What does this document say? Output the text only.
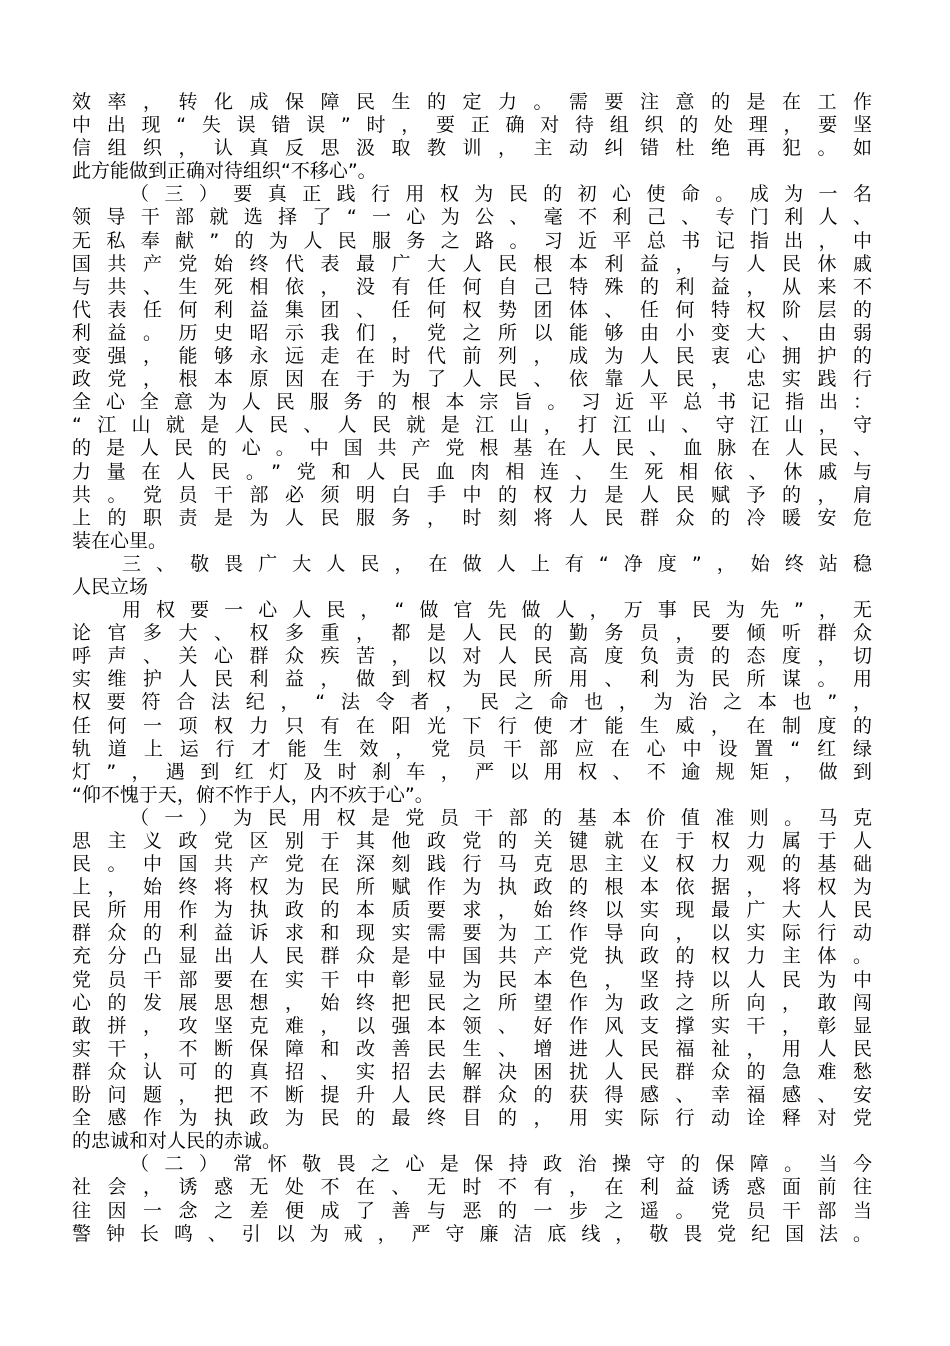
效率，转化成保障民生的定力。需要注意的是在工作
中出现“失误错误”时，要正确对待组织的处理，要坚
信组织，认真反思汲取教训，主动纠错杜绝再犯。如
此方能做到正确对待组织“不移心”。
（三）要真正践行用权为民的初心使命。成为一名
领导干部就选择了“一心为公、毫不利己、专门利人、
无私奉献”的为人民服务之路。习近平总书记指出，中
国共产党始终代表最广大人民根本利益，与人民休戚
与共、生死相依，没有任何自己特殊的利益，从来不
代表任何利益集团、任何权势团体、任何特权阶层的
利益。历史昭示我们，党之所以能够由小变大、由弱
变强，能够永远走在时代前列，成为人民衷心拥护的
政党，根本原因在于为了人民、依靠人民，忠实践行
全心全意为人民服务的根本宗旨。习近平总书记指出：
“江山就是人民、人民就是江山，打江山、守江山，守
的是人民的心。中国共产党根基在人民、血脉在人民、
力量在人民。”党和人民血肉相连、生死相依、休戚与
共。党员干部必须明白手中的权力是人民赋予的，肩
上的职责是为人民服务，时刻将人民群众的冷暖安危
装在心里。
三、敬畏广大人民，在做人上有“净度”，始终站稳
人民立场
用权要一心人民，“做官先做人，万事民为先”，无
论官多大、权多重，都是人民的勤务员，要倾听群众
呼声、关心群众疾苦，以对人民高度负责的态度，切
实维护人民利益，做到权为民所用、利为民所谋。用
权要符合法纪，“法令者，民之命也，为治之本也”，
任何一项权力只有在阳光下行使才能生威，在制度的
轨道上运行才能生效，党员干部应在心中设置“红绿
灯”，遇到红灯及时刹车，严以用权、不逾规矩，做到
“仰不愧于天，俯不怍于人，内不疚于心”。
（一）为民用权是党员干部的基本价值准则。马克
思主义政党区别于其他政党的关键就在于权力属于人
民。中国共产党在深刻践行马克思主义权力观的基础
上，始终将权为民所赋作为执政的根本依据，将权为
民所用作为执政的本质要求，始终以实现最广大人民
群众的利益诉求和现实需要为工作导向，以实际行动
充分凸显出人民群众是中国共产党执政的权力主体。
党员干部要在实干中彰显为民本色，坚持以人民为中
心的发展思想，始终把民之所望作为政之所向，敢闯
敢拼，攻坚克难，以强本领、好作风支撑实干，彰显
实干，不断保障和改善民生、增进人民福祉，用人民
群众认可的真招、实招去解决困扰人民群众的急难愁
盼问题，把不断提升人民群众的获得感、幸福感、安
全感作为执政为民的最终目的，用实际行动诠释对党
的忠诚和对人民的赤诚。
（二）常怀敬畏之心是保持政治操守的保障。当今
社会，诱惑无处不在、无时不有，在利益诱惑面前往
往因一念之差便成了善与恶的一步之遥。党员干部当
警钟长鸣、引以为戒，严守廉洁底线，敬畏党纪国法。
